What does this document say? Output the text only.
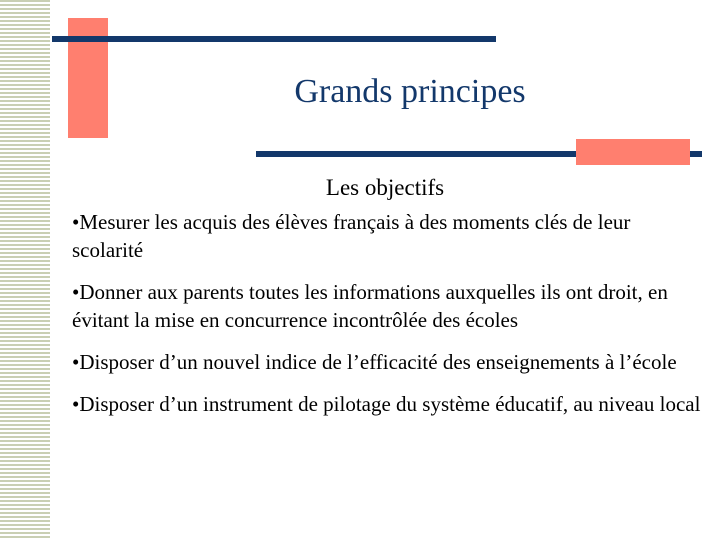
Grands principes
Les objectifs
•Mesurer les acquis des élèves français à des moments clés de leur scolarité
•Donner aux parents toutes les informations auxquelles ils ont droit, en évitant la mise en concurrence incontrôlée des écoles
•Disposer d’un nouvel indice de l’efficacité des enseignements à l’école
•Disposer d’un instrument de pilotage du système éducatif, au niveau local
